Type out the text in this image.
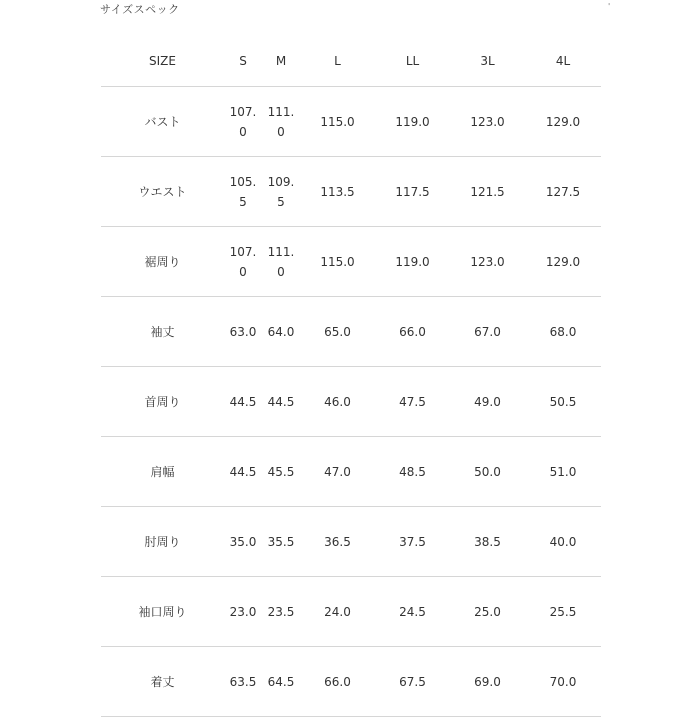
サイズスペック	'
SIZE	S	M	L	LL	3L	4L
バスト	107.0	111.0	115.0	119.0	123.0	129.0
ウエスト	105.5	109.5	113.5	117.5	121.5	127.5
裾周り	107.0	111.0	115.0	119.0	123.0	129.0
袖丈	63.0	64.0	65.0	66.0	67.0	68.0
首周り	44.5	44.5	46.0	47.5	49.0	50.5
肩幅	44.5	45.5	47.0	48.5	50.0	51.0
肘周り	35.0	35.5	36.5	37.5	38.5	40.0
袖口周り	23.0	23.5	24.0	24.5	25.0	25.5
着丈	63.5	64.5	66.0	67.5	69.0	70.0
